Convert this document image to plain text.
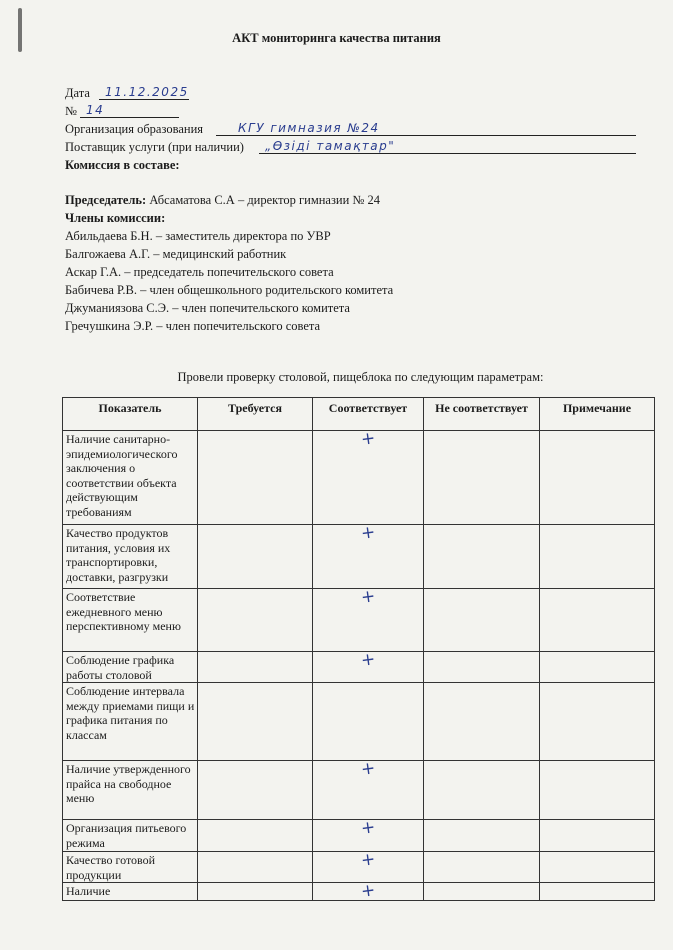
АКТ мониторинга качества питания
Дата	11.12.2025
№ 14
Организация образования	КГУ гимназия №24
Поставщик услуги (при наличии)	„Өзіді тамақтар"
Комиссия в составе:
Председатель: Абсаматова С.А – директор гимназии № 24
Члены комиссии:
Абильдаева Б.Н. – заместитель директора по УВР
Балгожаева А.Г. – медицинский работник
Аскар Г.А. – председатель попечительского совета
Бабичева Р.В. – член общешкольного родительского комитета
Джуманиязова С.Э. – член попечительского комитета
Гречушкина Э.Р. – член попечительского совета
Провели проверку столовой, пищеблока по следующим параметрам:
Показатель	Требуется	Соответствует	Не соответствует	Примечание
Наличие санитарно-эпидемиологического заключения о соответствии объекта действующим требованиям		+		
Качество продуктов питания, условия их транспортировки, доставки, разгрузки		+		
Соответствие ежедневного меню перспективному меню		+		
Соблюдение графика работы столовой		+		
Соблюдение интервала между приемами пищи и графика питания по классам				
Наличие утвержденного прайса на свободное меню		+		
Организация питьевого режима		+		
Качество готовой продукции		+		
Наличие		+		
